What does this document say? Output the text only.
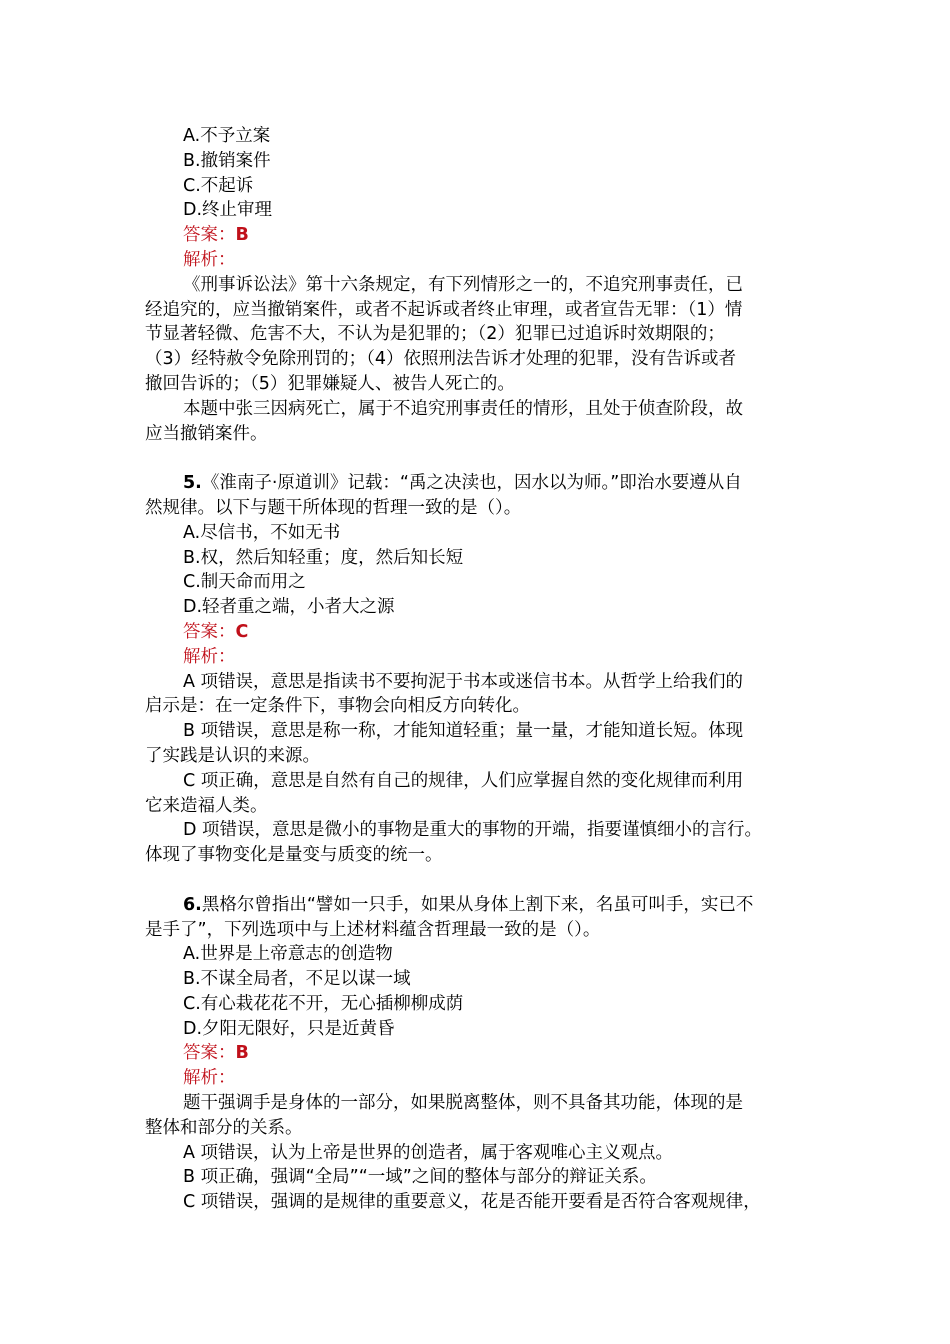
A.不予立案
B.撤销案件
C.不起诉
D.终止审理
答案：B
解析：
《刑事诉讼法》第十六条规定，有下列情形之一的，不追究刑事责任，已
经追究的，应当撤销案件，或者不起诉或者终止审理，或者宣告无罪：（1）情
节显著轻微、危害不大，不认为是犯罪的；（2）犯罪已过追诉时效期限的；
（3）经特赦令免除刑罚的；（4）依照刑法告诉才处理的犯罪，没有告诉或者
撤回告诉的；（5）犯罪嫌疑人、被告人死亡的。
本题中张三因病死亡，属于不追究刑事责任的情形，且处于侦查阶段，故
应当撤销案件。
5.《淮南子·原道训》记载：“禹之决渎也，因水以为师。”即治水要遵从自
然规律。以下与题干所体现的哲理一致的是（）。
A.尽信书，不如无书
B.权，然后知轻重；度，然后知长短
C.制天命而用之
D.轻者重之端，小者大之源
答案：C
解析：
A 项错误，意思是指读书不要拘泥于书本或迷信书本。从哲学上给我们的
启示是：在一定条件下，事物会向相反方向转化。
B 项错误，意思是称一称，才能知道轻重；量一量，才能知道长短。体现
了实践是认识的来源。
C 项正确，意思是自然有自己的规律，人们应掌握自然的变化规律而利用
它来造福人类。
D 项错误，意思是微小的事物是重大的事物的开端，指要谨慎细小的言行。
体现了事物变化是量变与质变的统一。
6.黑格尔曾指出“譬如一只手，如果从身体上割下来，名虽可叫手，实已不
是手了”，下列选项中与上述材料蕴含哲理最一致的是（）。
A.世界是上帝意志的创造物
B.不谋全局者，不足以谋一域
C.有心栽花花不开，无心插柳柳成荫
D.夕阳无限好，只是近黄昏
答案：B
解析：
题干强调手是身体的一部分，如果脱离整体，则不具备其功能，体现的是
整体和部分的关系。
A 项错误，认为上帝是世界的创造者，属于客观唯心主义观点。
B 项正确，强调“全局”“一域”之间的整体与部分的辩证关系。
C 项错误，强调的是规律的重要意义，花是否能开要看是否符合客观规律，
